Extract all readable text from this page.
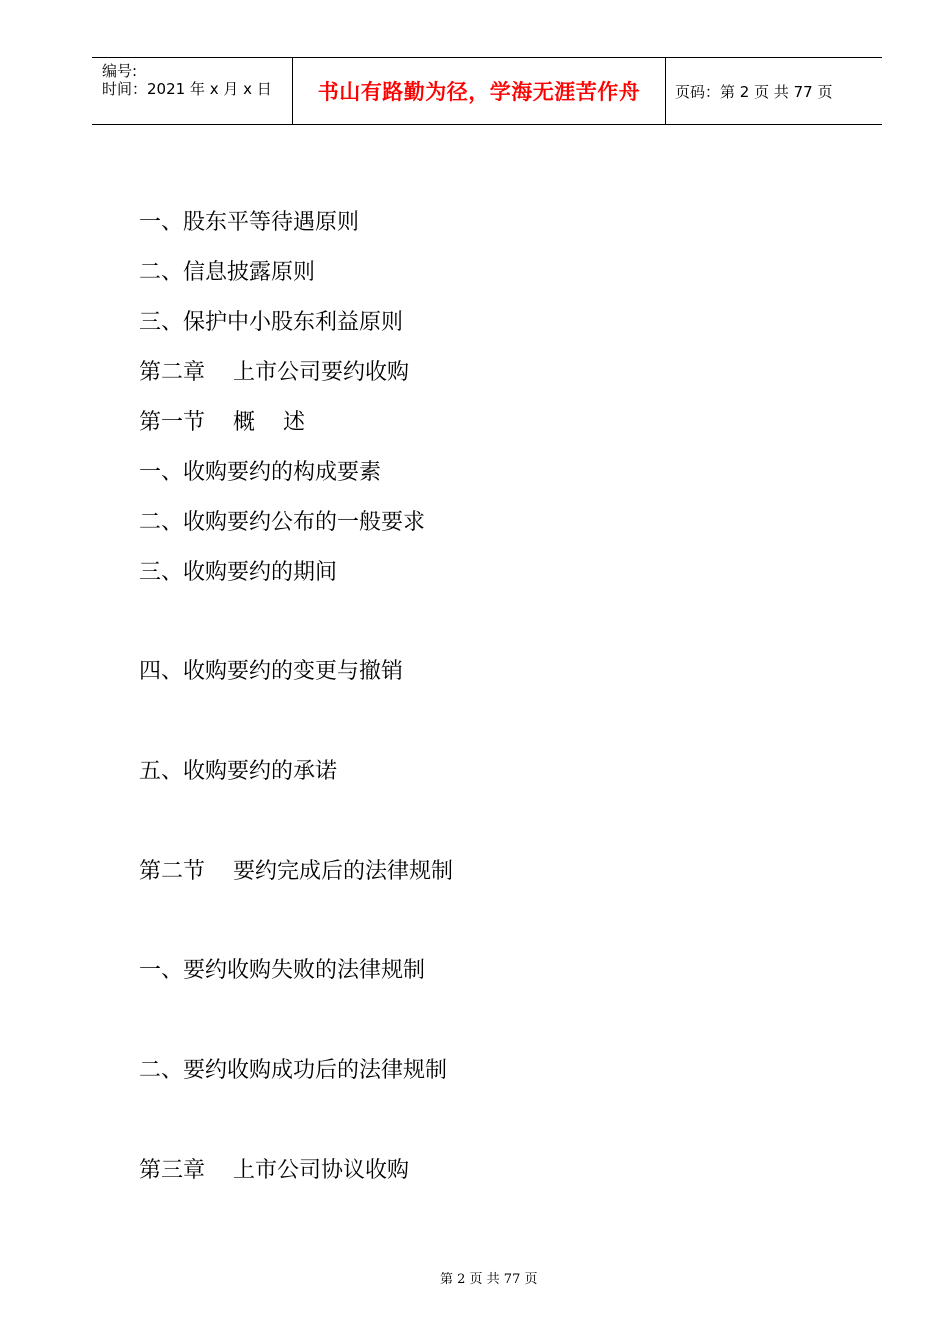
编号:
时间：2021 年 x 月 x 日	书山有路勤为径，学海无涯苦作舟	页码：第 2 页 共 77 页
一、股东平等待遇原则
二、信息披露原则
三、保护中小股东利益原则
第二章    上市公司要约收购
第一节    概    述
一、收购要约的构成要素
二、收购要约公布的一般要求
三、收购要约的期间
四、收购要约的变更与撤销
五、收购要约的承诺
第二节    要约完成后的法律规制
一、要约收购失败的法律规制
二、要约收购成功后的法律规制
第三章    上市公司协议收购
第 2 页 共 77 页
